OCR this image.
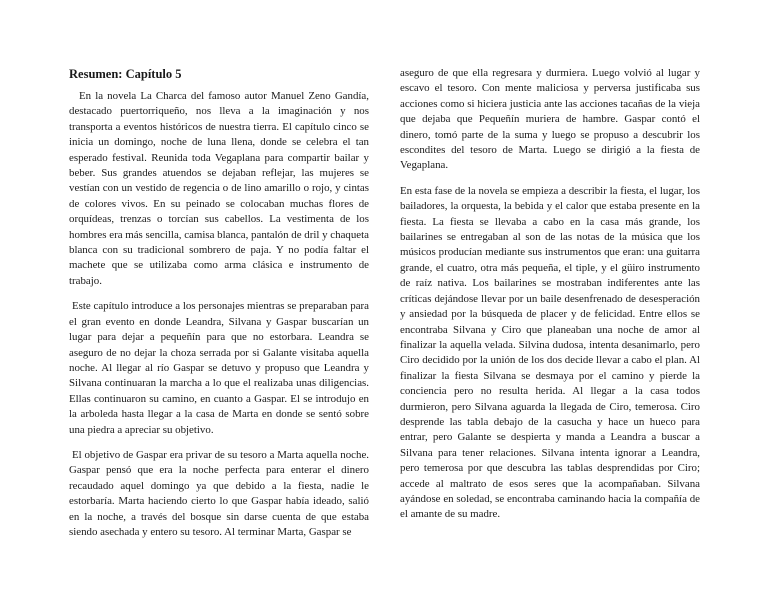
Resumen: Capítulo 5

En la novela La Charca del famoso autor Manuel Zeno Gandía, destacado puertorriqueño, nos lleva a la imaginación y nos transporta a eventos históricos de nuestra tierra. El capítulo cinco se inicia un domingo, noche de luna llena, donde se celebra el tan esperado festival. Reunida toda Vegaplana para compartir bailar y beber. Sus grandes atuendos se dejaban reflejar, las mujeres se vestían con un vestido de regencia o de lino amarillo o rojo, y cintas de colores vivos. En su peinado se colocaban muchas flores de orquídeas, trenzas o torcían sus cabellos. La vestimenta de los hombres era más sencilla, camisa blanca, pantalón de dril y chaqueta blanca con su tradicional sombrero de paja. Y no podía faltar el machete que se utilizaba como arma clásica e instrumento de trabajo.

Este capítulo introduce a los personajes mientras se preparaban para el gran evento en donde Leandra, Silvana y Gaspar buscarían un lugar para dejar a pequeñín para que no estorbara. Leandra se aseguro de no dejar la choza serrada por si Galante visitaba aquella noche. Al llegar al río Gaspar se detuvo y propuso que Leandra y Silvana continuaran la marcha a lo que el realizaba unas diligencias. Ellas continuaron su camino, en cuanto a Gaspar. El se introdujo en la arboleda hasta llegar a la casa de Marta en donde se sentó sobre una piedra a apreciar su objetivo.

El objetivo de Gaspar era privar de su tesoro a Marta aquella noche. Gaspar pensó que era la noche perfecta para enterar el dinero recaudado aquel domingo ya que debido a la fiesta, nadie le estorbaría. Marta haciendo cierto lo que Gaspar había ideado, salió en la noche, a través del bosque sin darse cuenta de que estaba siendo asechada y entero su tesoro. Al terminar Marta, Gaspar se

aseguro de que ella regresara y durmiera. Luego volvió al lugar y escavo el tesoro. Con mente maliciosa y perversa justificaba sus acciones como si hiciera justicia ante las acciones tacañas de la vieja que dejaba que Pequeñín muriera de hambre. Gaspar contó el dinero, tomó parte de la suma y luego se propuso a descubrir los escondites del tesoro de Marta. Luego se dirigió a la fiesta de Vegaplana.

En esta fase de la novela se empieza a describir la fiesta, el lugar, los bailadores, la orquesta, la bebida y el calor que estaba presente en la fiesta. La fiesta se llevaba a cabo en la casa más grande, los bailarines se entregaban al son de las notas de la música que los músicos producían mediante sus instrumentos que eran: una guitarra grande, el cuatro, otra más pequeña, el tiple, y el güiro instrumento de raíz nativa. Los bailarines se mostraban indiferentes ante las críticas dejándose llevar por un baile desenfrenado de desesperación y ansiedad por la búsqueda de placer y de felicidad. Entre ellos se encontraba Silvana y Ciro que planeaban una noche de amor al finalizar la aquella velada. Silvina dudosa, intenta desanimarlo, pero Ciro decidido por la unión de los dos decide llevar a cabo el plan. Al finalizar la fiesta Silvana se desmaya por el camino y pierde la conciencia pero no resulta herida. Al llegar a la casa todos durmieron, pero Silvana aguarda la llegada de Ciro, temerosa. Ciro desprende las tabla debajo de la casucha y hace un hueco para entrar, pero Galante se despierta y manda a Leandra a buscar a Silvana para tener relaciones. Silvana intenta ignorar a Leandra, pero temerosa por que descubra las tablas desprendidas por Ciro; accede al maltrato de esos seres que la acompañaban. Silvana ayándose en soledad, se encontraba caminando hacia la compañía de el amante de su madre.
